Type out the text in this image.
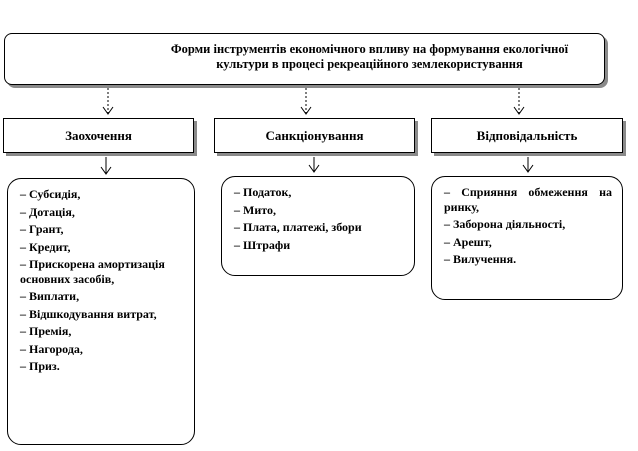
Форми інструментів економічного впливу на формування екологічної культури в процесі рекреаційного землекористування
Заохочення	Санкціонування	Відповідальність
– Субсидія,
– Дотація,
– Грант,
– Кредит,
– Прискорена амортизація основних засобів,
– Виплати,
– Відшкодування витрат,
– Премія,
– Нагорода,
– Приз.
– Податок,
– Мито,
– Плата, платежі, збори
– Штрафи
– Сприяння обмеження на ринку,
– Заборона діяльності,
– Арешт,
– Вилучення.
